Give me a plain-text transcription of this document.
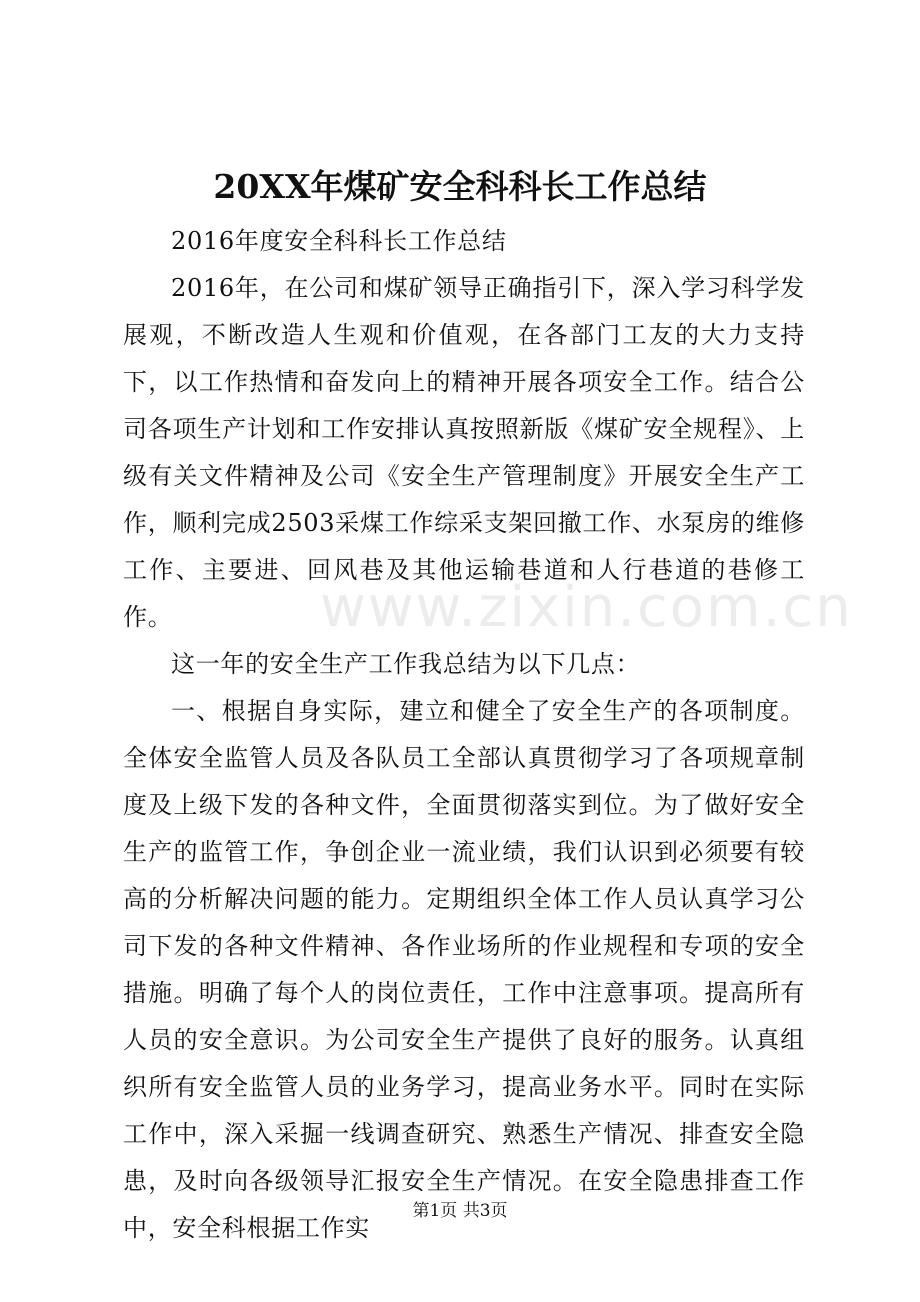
20XX年煤矿安全科科长工作总结

2016年度安全科科长工作总结

2016年，在公司和煤矿领导正确指引下，深入学习科学发展观，不断改造人生观和价值观，在各部门工友的大力支持下，以工作热情和奋发向上的精神开展各项安全工作。结合公司各项生产计划和工作安排认真按照新版《煤矿安全规程》、上级有关文件精神及公司《安全生产管理制度》开展安全生产工作，顺利完成2503采煤工作综采支架回撤工作、水泵房的维修工作、主要进、回风巷及其他运输巷道和人行巷道的巷修工作。

这一年的安全生产工作我总结为以下几点：

一、根据自身实际，建立和健全了安全生产的各项制度。全体安全监管人员及各队员工全部认真贯彻学习了各项规章制度及上级下发的各种文件，全面贯彻落实到位。为了做好安全生产的监管工作，争创企业一流业绩，我们认识到必须要有较高的分析解决问题的能力。定期组织全体工作人员认真学习公司下发的各种文件精神、各作业场所的作业规程和专项的安全措施。明确了每个人的岗位责任，工作中注意事项。提高所有人员的安全意识。为公司安全生产提供了良好的服务。认真组织所有安全监管人员的业务学习，提高业务水平。同时在实际工作中，深入采掘一线调查研究、熟悉生产情况、排查安全隐患，及时向各级领导汇报安全生产情况。在安全隐患排查工作中，安全科根据工作实

www.zixin.com.cn
第1页 共3页
